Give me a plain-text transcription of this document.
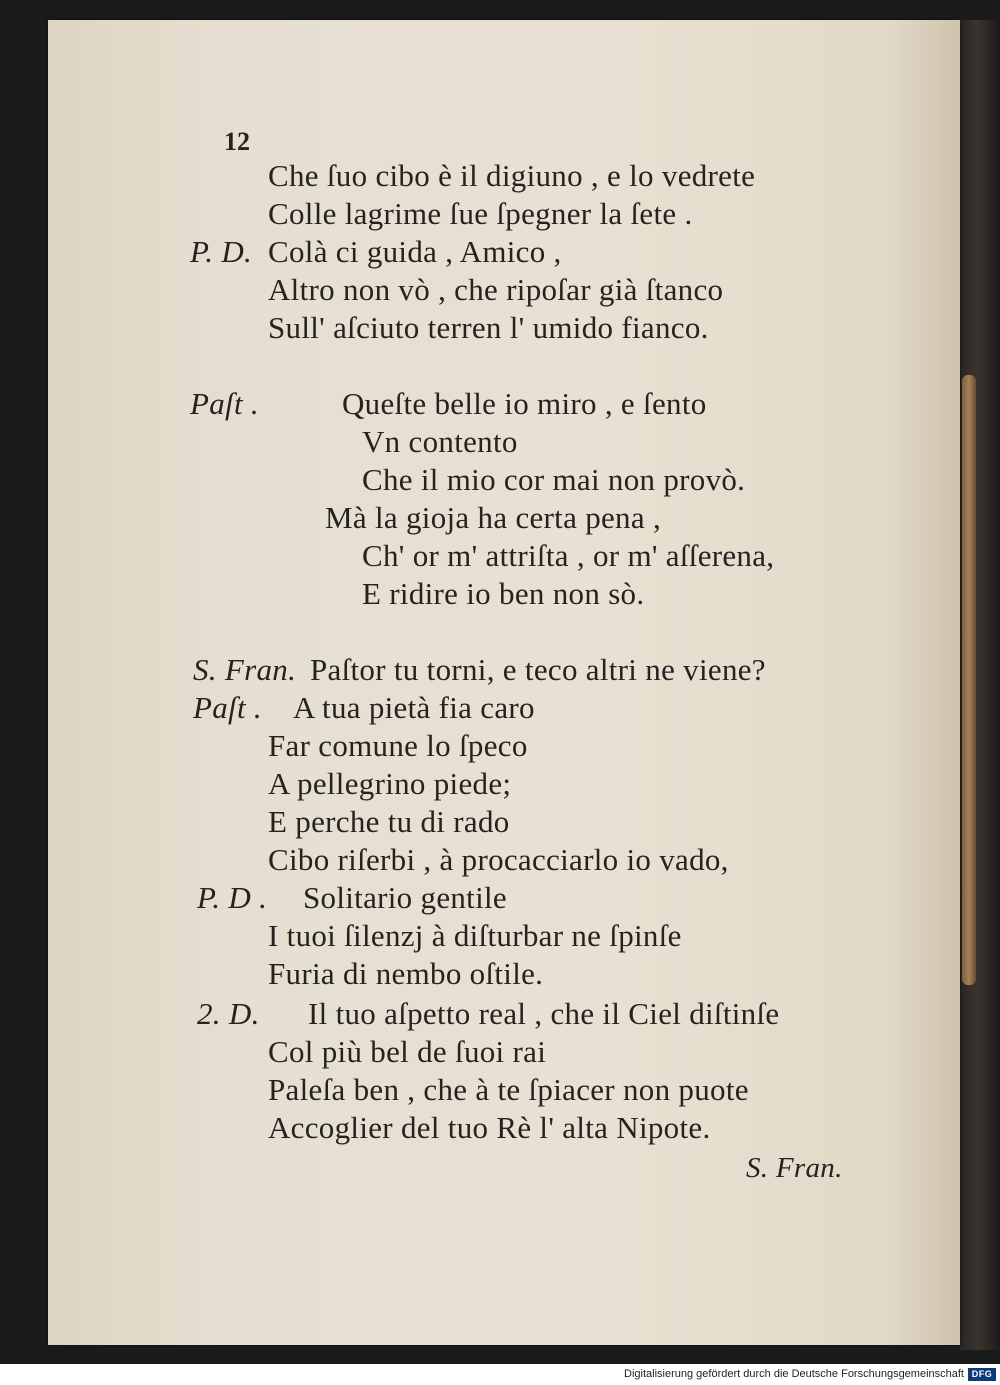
12
Che ſuo cibo è il digiuno , e lo vedrete
Colle lagrime ſue ſpegner la ſete .
P. D. Colà ci guida , Amico ,
Altro non vò , che ripoſar già ſtanco
Sull' aſciuto terren l' umido fianco.
Paſt .	Queſte belle io miro , e ſento
Vn contento
Che il mio cor mai non provò.
Mà la gioja ha certa pena ,
Ch' or m' attriſta , or m' aſſerena,
E ridire io ben non sò.
S. Fran. Paſtor tu torni, e teco altri ne viene?
Paſt . A tua pietà fia caro
Far comune lo ſpeco
A pellegrino piede;
E perche tu di rado
Cibo riſerbi , à procacciarlo io vado,
P. D . Solitario gentile
I tuoi ſilenzj à diſturbar ne ſpinſe
Furia di nembo oſtile.
2. D. Il tuo aſpetto real , che il Ciel diſtinſe
Col più bel de ſuoi rai
Paleſa ben , che à te ſpiacer non puote
Accoglier del tuo Rè l' alta Nipote.
S. Fran.
Digitalisierung gefördert durch die Deutsche Forschungsgemeinschaft DFG
